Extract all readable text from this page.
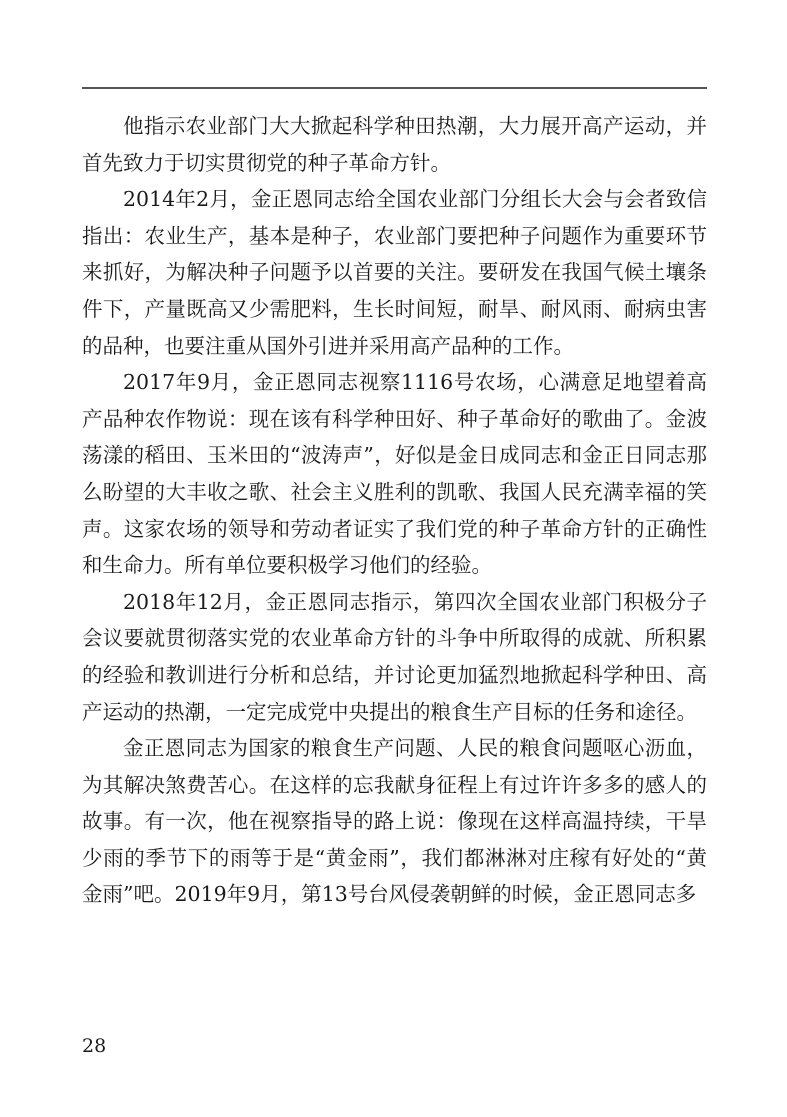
他指示农业部门大大掀起科学种田热潮，大力展开高产运动，并首先致力于切实贯彻党的种子革命方针。

2014年2月，金正恩同志给全国农业部门分组长大会与会者致信指出：农业生产，基本是种子，农业部门要把种子问题作为重要环节来抓好，为解决种子问题予以首要的关注。要研发在我国气候土壤条件下，产量既高又少需肥料，生长时间短，耐旱、耐风雨、耐病虫害的品种，也要注重从国外引进并采用高产品种的工作。

2017年9月，金正恩同志视察1116号农场，心满意足地望着高产品种农作物说：现在该有科学种田好、种子革命好的歌曲了。金波荡漾的稻田、玉米田的“波涛声”，好似是金日成同志和金正日同志那么盼望的大丰收之歌、社会主义胜利的凯歌、我国人民充满幸福的笑声。这家农场的领导和劳动者证实了我们党的种子革命方针的正确性和生命力。所有单位要积极学习他们的经验。

2018年12月，金正恩同志指示，第四次全国农业部门积极分子会议要就贯彻落实党的农业革命方针的斗争中所取得的成就、所积累的经验和教训进行分析和总结，并讨论更加猛烈地掀起科学种田、高产运动的热潮，一定完成党中央提出的粮食生产目标的任务和途径。

金正恩同志为国家的粮食生产问题、人民的粮食问题呕心沥血，为其解决煞费苦心。在这样的忘我献身征程上有过许许多多的感人的故事。有一次，他在视察指导的路上说：像现在这样高温持续，干旱少雨的季节下的雨等于是“黄金雨”，我们都淋淋对庄稼有好处的“黄金雨”吧。2019年9月，第13号台风侵袭朝鲜的时候，金正恩同志多

28
